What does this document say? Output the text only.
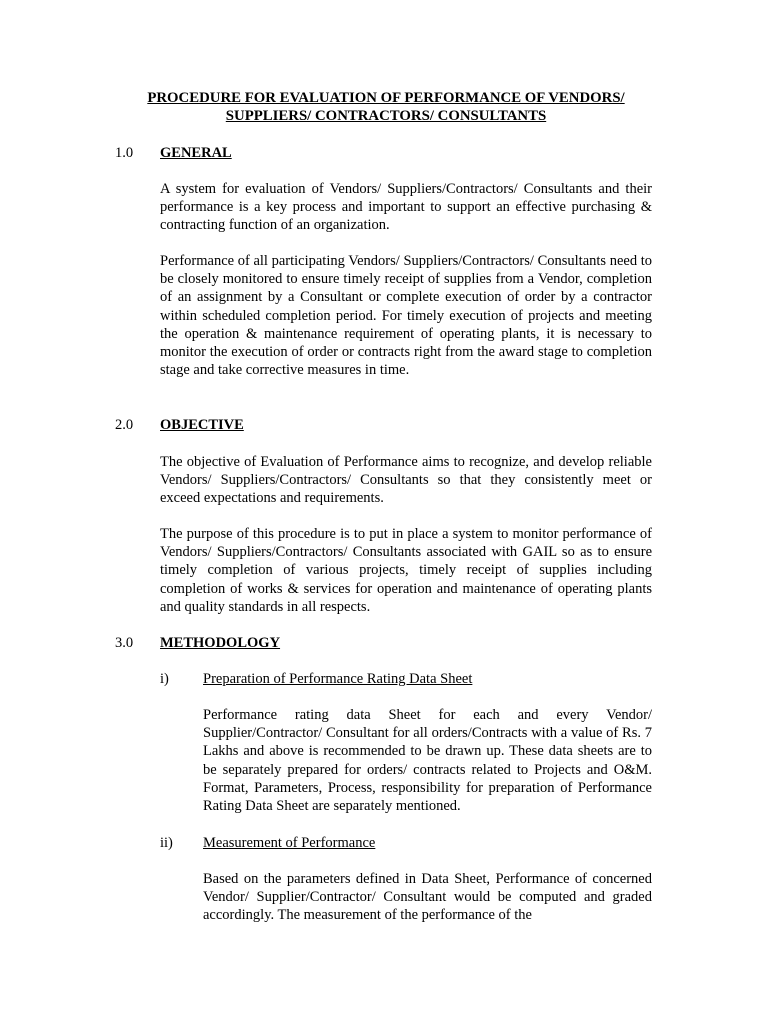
PROCEDURE FOR EVALUATION OF PERFORMANCE OF VENDORS/
SUPPLIERS/ CONTRACTORS/ CONSULTANTS
1.0 GENERAL

A system for evaluation of Vendors/ Suppliers/Contractors/ Consultants and their performance is a key process and important to support an effective purchasing & contracting function of an organization.

Performance of all participating Vendors/ Suppliers/Contractors/ Consultants need to be closely monitored to ensure timely receipt of supplies from a Vendor, completion of an assignment by a Consultant or complete execution of order by a contractor within scheduled completion period. For timely execution of projects and meeting the operation & maintenance requirement of operating plants, it is necessary to monitor the execution of order or contracts right from the award stage to completion stage and take corrective measures in time.

2.0 OBJECTIVE

The objective of Evaluation of Performance aims to recognize, and develop reliable Vendors/ Suppliers/Contractors/ Consultants so that they consistently meet or exceed expectations and requirements.

The purpose of this procedure is to put in place a system to monitor performance of Vendors/ Suppliers/Contractors/ Consultants associated with GAIL so as to ensure timely completion of various projects, timely receipt of supplies including completion of works & services for operation and maintenance of operating plants and quality standards in all respects.

3.0 METHODOLOGY
i) Preparation of Performance Rating Data Sheet

Performance rating data Sheet for each and every Vendor/ Supplier/Contractor/ Consultant for all orders/Contracts with a value of Rs. 7 Lakhs and above is recommended to be drawn up. These data sheets are to be separately prepared for orders/ contracts related to Projects and O&M. Format, Parameters, Process, responsibility for preparation of Performance Rating Data Sheet are separately mentioned.

ii) Measurement of Performance

Based on the parameters defined in Data Sheet, Performance of concerned Vendor/ Supplier/Contractor/ Consultant would be computed and graded accordingly. The measurement of the performance of the
